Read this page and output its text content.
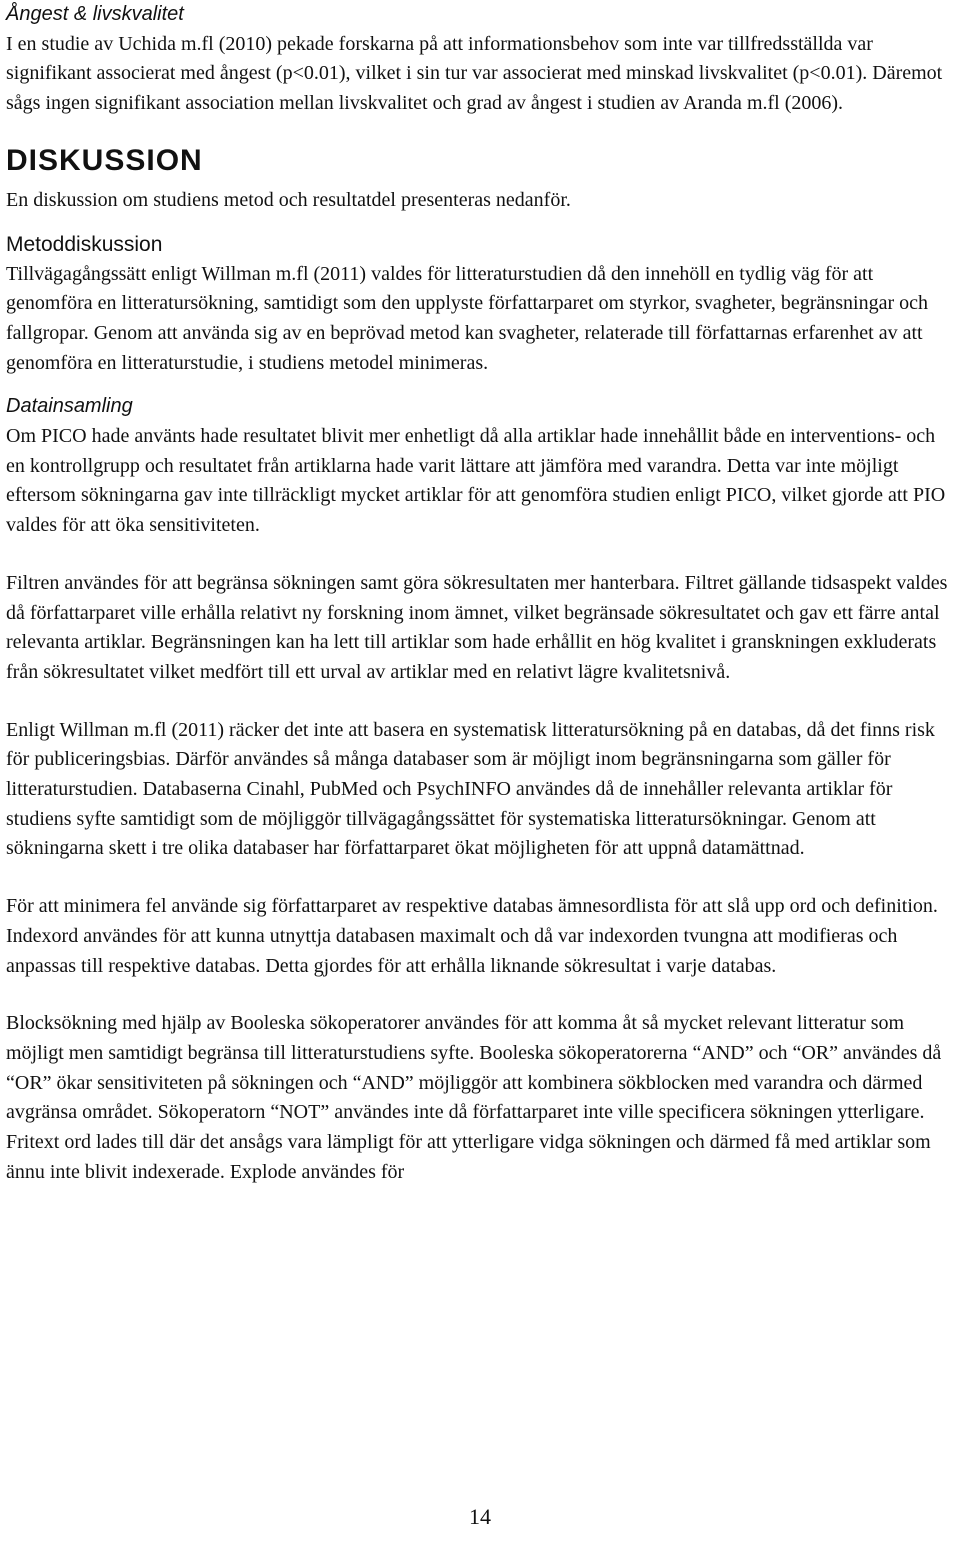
Ångest & livskvalitet

I en studie av Uchida m.fl (2010) pekade forskarna på att informationsbehov som inte var tillfredsställda var signifikant associerat med ångest (p<0.01), vilket i sin tur var associerat med minskad livskvalitet (p<0.01). Däremot sågs ingen signifikant association mellan livskvalitet och grad av ångest i studien av Aranda m.fl (2006).

DISKUSSION

En diskussion om studiens metod och resultatdel presenteras nedanför.

Metoddiskussion

Tillvägagångssätt enligt Willman m.fl (2011) valdes för litteraturstudien då den innehöll en tydlig väg för att genomföra en litteratursökning, samtidigt som den upplyste författarparet om styrkor, svagheter, begränsningar och fallgropar. Genom att använda sig av en beprövad metod kan svagheter, relaterade till författarnas erfarenhet av att genomföra en litteraturstudie, i studiens metodel minimeras.

Datainsamling

Om PICO hade använts hade resultatet blivit mer enhetligt då alla artiklar hade innehållit både en interventions- och en kontrollgrupp och resultatet från artiklarna hade varit lättare att jämföra med varandra. Detta var inte möjligt eftersom sökningarna gav inte tillräckligt mycket artiklar för att genomföra studien enligt PICO, vilket gjorde att PIO valdes för att öka sensitiviteten.

Filtren användes för att begränsa sökningen samt göra sökresultaten mer hanterbara. Filtret gällande tidsaspekt valdes då författarparet ville erhålla relativt ny forskning inom ämnet, vilket begränsade sökresultatet och gav ett färre antal relevanta artiklar. Begränsningen kan ha lett till artiklar som hade erhållit en hög kvalitet i granskningen exkluderats från sökresultatet vilket medfört till ett urval av artiklar med en relativt lägre kvalitetsnivå.

Enligt Willman m.fl (2011) räcker det inte att basera en systematisk litteratursökning på en databas, då det finns risk för publiceringsbias. Därför användes så många databaser som är möjligt inom begränsningarna som gäller för litteraturstudien. Databaserna Cinahl, PubMed och PsychINFO användes då de innehåller relevanta artiklar för studiens syfte samtidigt som de möjliggör tillvägagångssättet för systematiska litteratursökningar. Genom att sökningarna skett i tre olika databaser har författarparet ökat möjligheten för att uppnå datamättnad.

För att minimera fel använde sig författarparet av respektive databas ämnesordlista för att slå upp ord och definition. Indexord användes för att kunna utnyttja databasen maximalt och då var indexorden tvungna att modifieras och anpassas till respektive databas. Detta gjordes för att erhålla liknande sökresultat i varje databas.

Blocksökning med hjälp av Booleska sökoperatorer användes för att komma åt så mycket relevant litteratur som möjligt men samtidigt begränsa till litteraturstudiens syfte. Booleska sökoperatorerna “AND” och “OR” användes då “OR” ökar sensitiviteten på sökningen och “AND” möjliggör att kombinera sökblocken med varandra och därmed avgränsa området. Sökoperatorn “NOT” användes inte då författarparet inte ville specificera sökningen ytterligare. Fritext ord lades till där det ansågs vara lämpligt för att ytterligare vidga sökningen och därmed få med artiklar som ännu inte blivit indexerade. Explode användes för

14
